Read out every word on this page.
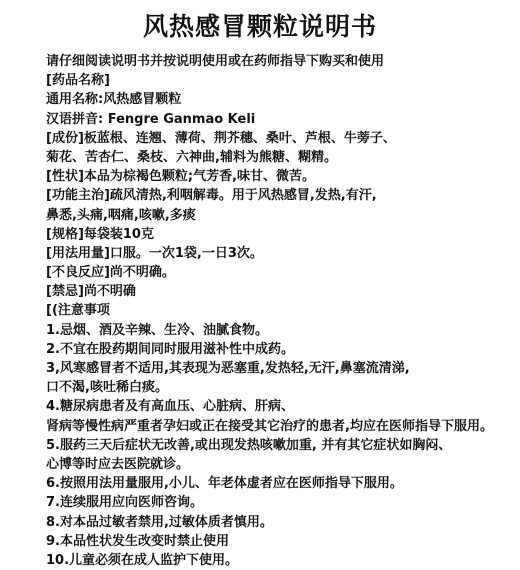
风热感冒颗粒说明书
请仔细阅读说明书并按说明使用或在药师指导下购买和使用
[药品名称]
通用名称:风热感冒颗粒
汉语拼音: Fengre Ganmao Keli
[成份]板蓝根、连翘、薄荷、荆芥穗、桑叶、芦根、牛蒡子、
菊花、苦杏仁、桑枝、六神曲,辅料为熊糖、糊精。
[性状]本品为棕褐色颗粒;气芳香,味甘、微苦。
[功能主治]疏风清热,利咽解毒。用于风热感冒,发热,有汗,
鼻悉,头痛,咽痛,咳嗽,多痰
[规格]每袋装10克
[用法用量]口服。一次1袋,一日3次。
[不良反应]尚不明确。
[禁忌]尚不明确
[(注意事项
1.忌烟、酒及辛辣、生冷、油腻食物。
2.不宜在股药期间同时服用滋补性中成药。
3,风寒感冒者不适用,其表现为恶塞重,发热轻,无汗,鼻塞流清涕,
口不渴,咳吐稀白痰。
4.糖尿病患者及有高血压、心脏病、肝病、
肾病等慢性病严重者孕妇或正在接受其它治疗的患者,均应在医师指导下服用。
5.服药三天后症状无改善,或出现发热咳嗽加重, 并有其它症状如胸闷、
心博等时应去医院就诊。
6.按照用法用量服用,小儿、年老体虚者应在医师指导下服用。
7.连续服用应向医师咨询。
8.对本品过敏者禁用,过敏体质者慎用。
9.本品性状发生改变时禁止使用
10.儿童必须在成人监护下使用。
